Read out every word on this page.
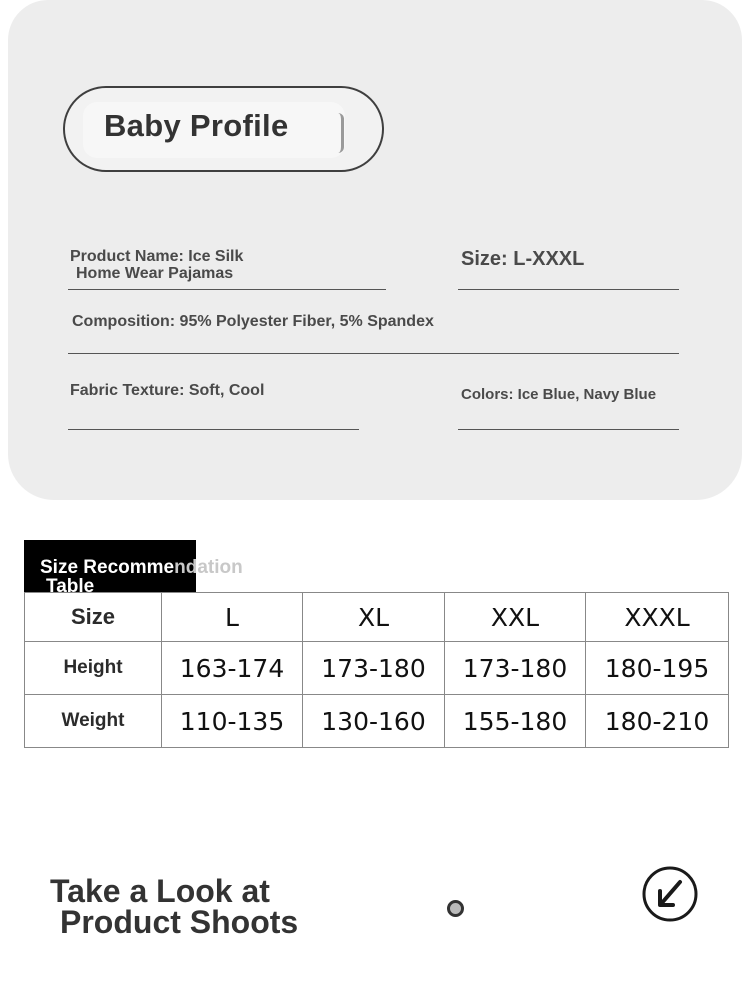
Baby Profile
Product Name: Ice Silk
Home Wear Pajamas
Size: L-XXXL
Composition: 95% Polyester Fiber, 5% Spandex
Fabric Texture: Soft, Cool	Colors: Ice Blue, Navy Blue
Size Recommendation
Table
Size	L	XL	XXL	XXXL
Height	163-174	173-180	173-180	180-195
Weight	110-135	130-160	155-180	180-210
Take a Look at
Product Shoots
